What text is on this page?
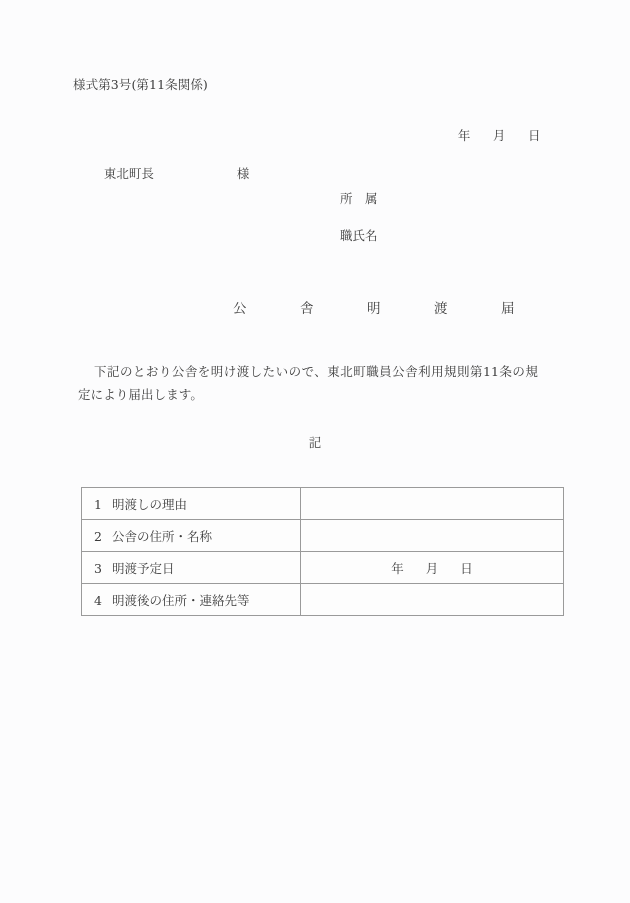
様式第3号(第11条関係)

年 月 日

東北町長	様

所　属
職氏名
公　舎　明　渡　届
下記のとおり公舎を明け渡したいので、東北町職員公舎利用規則第11条の規定により届出します。
記
1 明渡しの理由	
2 公舎の住所・名称	
3 明渡予定日	年 月 日
4 明渡後の住所・連絡先等	
